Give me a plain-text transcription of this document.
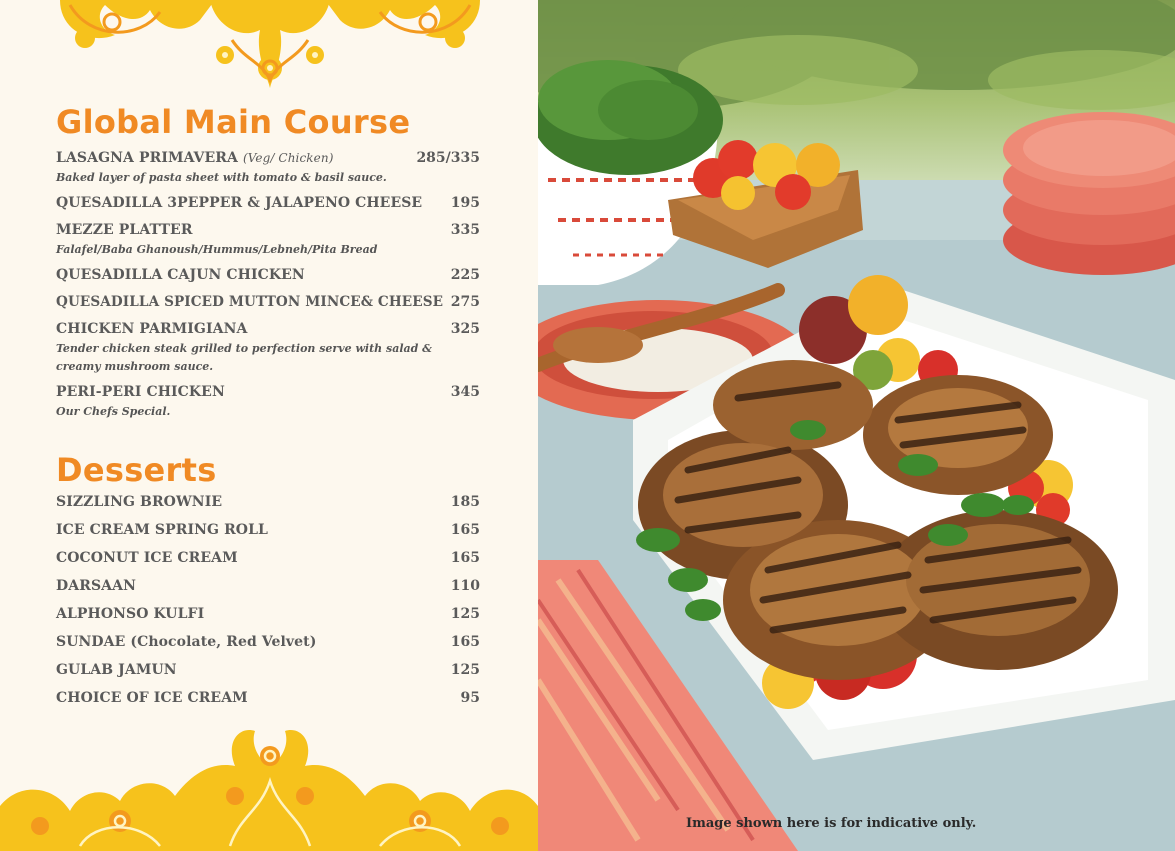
Global Main Course
LASAGNA PRIMAVERA (Veg/ Chicken)	285/335
Baked layer of pasta sheet with tomato & basil sauce.
QUESADILLA 3PEPPER & JALAPENO CHEESE 195
MEZZE PLATTER	335
Falafel/Baba Ghanoush/Hummus/Lebneh/Pita Bread
QUESADILLA CAJUN CHICKEN	225
QUESADILLA SPICED MUTTON MINCE& CHEESE 275
CHICKEN PARMIGIANA	325
Tender chicken steak grilled to perfection serve with salad & creamy mushroom sauce.
PERI-PERI CHICKEN	345
Our Chefs Special.
Desserts
SIZZLING BROWNIE	185
ICE CREAM SPRING ROLL	165
COCONUT ICE CREAM	165
DARSAAN	110
ALPHONSO KULFI	125
SUNDAE (Chocolate, Red Velvet)	165
GULAB JAMUN	125
CHOICE OF ICE CREAM	95
Image shown here is for indicative only.
